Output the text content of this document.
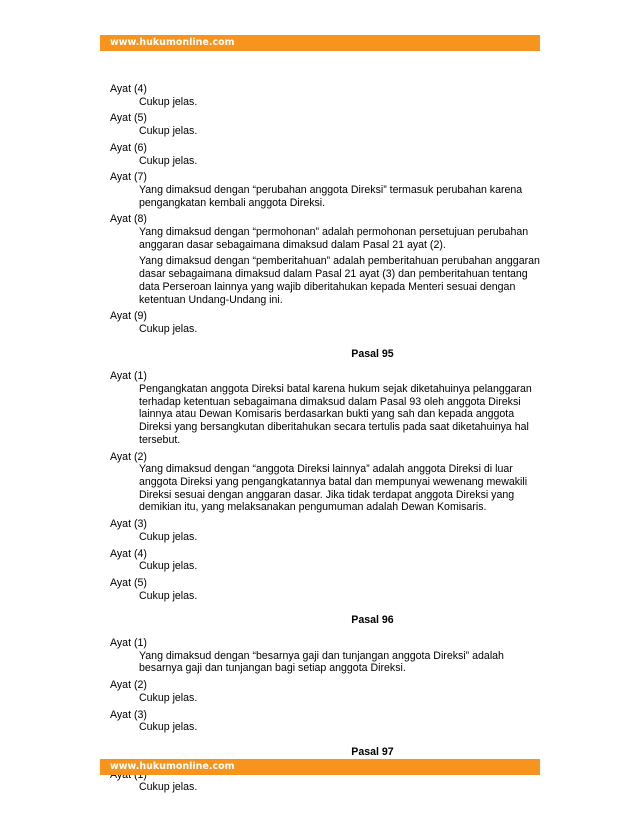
www.hukumonline.com
Ayat (4)
Cukup jelas.
Ayat (5)
Cukup jelas.
Ayat (6)
Cukup jelas.
Ayat (7)
Yang dimaksud dengan “perubahan anggota Direksi” termasuk perubahan karena pengangkatan kembali anggota Direksi.
Ayat (8)
Yang dimaksud dengan “permohonan” adalah permohonan persetujuan perubahan anggaran dasar sebagaimana dimaksud dalam Pasal 21 ayat (2).
Yang dimaksud dengan “pemberitahuan” adalah pemberitahuan perubahan anggaran dasar sebagaimana dimaksud dalam Pasal 21 ayat (3) dan pemberitahuan tentang data Perseroan lainnya yang wajib diberitahukan kepada Menteri sesuai dengan ketentuan Undang-Undang ini.
Ayat (9)
Cukup jelas.
Pasal 95
Ayat (1)
Pengangkatan anggota Direksi batal karena hukum sejak diketahuinya pelanggaran terhadap ketentuan sebagaimana dimaksud dalam Pasal 93 oleh anggota Direksi lainnya atau Dewan Komisaris berdasarkan bukti yang sah dan kepada anggota Direksi yang bersangkutan diberitahukan secara tertulis pada saat diketahuinya hal tersebut.
Ayat (2)
Yang dimaksud dengan “anggota Direksi lainnya” adalah anggota Direksi di luar anggota Direksi yang pengangkatannya batal dan mempunyai wewenang mewakili Direksi sesuai dengan anggaran dasar. Jika tidak terdapat anggota Direksi yang demikian itu, yang melaksanakan pengumuman adalah Dewan Komisaris.
Ayat (3)
Cukup jelas.
Ayat (4)
Cukup jelas.
Ayat (5)
Cukup jelas.
Pasal 96
Ayat (1)
Yang dimaksud dengan “besarnya gaji dan tunjangan anggota Direksi” adalah besarnya gaji dan tunjangan bagi setiap anggota Direksi.
Ayat (2)
Cukup jelas.
Ayat (3)
Cukup jelas.
Pasal 97
Cukup jelas.
www.hukumonline.com
